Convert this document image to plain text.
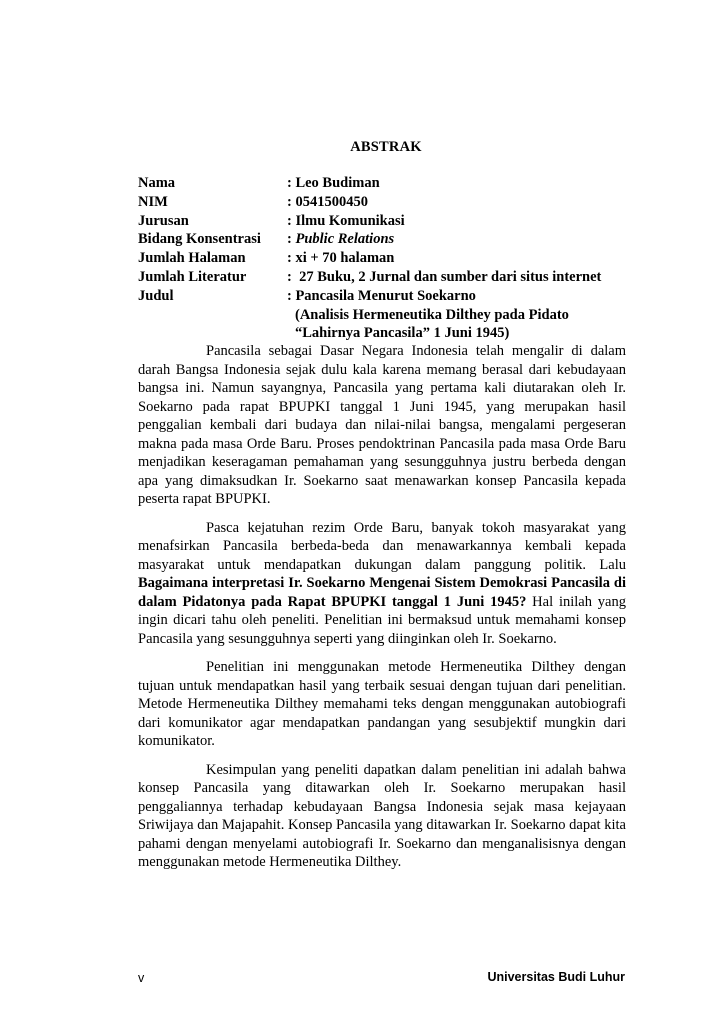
ABSTRAK
Nama	: Leo Budiman
NIM	: 0541500450
Jurusan	: Ilmu Komunikasi
Bidang Konsentrasi	: Public Relations
Jumlah Halaman	: xi + 70 halaman
Jumlah Literatur	:  27 Buku, 2 Jurnal dan sumber dari situs internet
Judul	: Pancasila Menurut Soekarno
(Analisis Hermeneutika Dilthey pada Pidato
“Lahirnya Pancasila” 1 Juni 1945)

Pancasila sebagai Dasar Negara Indonesia telah mengalir di dalam darah Bangsa Indonesia sejak dulu kala karena memang berasal dari kebudayaan bangsa ini. Namun sayangnya, Pancasila yang pertama kali diutarakan oleh Ir. Soekarno pada rapat BPUPKI tanggal 1 Juni 1945, yang merupakan hasil penggalian kembali dari budaya dan nilai-nilai bangsa, mengalami pergeseran makna pada masa Orde Baru. Proses pendoktrinan Pancasila pada masa Orde Baru menjadikan keseragaman pemahaman yang sesungguhnya justru berbeda dengan apa yang dimaksudkan Ir. Soekarno saat menawarkan konsep Pancasila kepada peserta rapat BPUPKI.

Pasca kejatuhan rezim Orde Baru, banyak tokoh masyarakat yang menafsirkan Pancasila berbeda-beda dan menawarkannya kembali kepada masyarakat untuk mendapatkan dukungan dalam panggung politik. Lalu Bagaimana interpretasi Ir. Soekarno Mengenai Sistem Demokrasi Pancasila di dalam Pidatonya pada Rapat BPUPKI tanggal 1 Juni 1945? Hal inilah yang ingin dicari tahu oleh peneliti. Penelitian ini bermaksud untuk memahami konsep Pancasila yang sesungguhnya seperti yang diinginkan oleh Ir. Soekarno.

Penelitian ini menggunakan metode Hermeneutika Dilthey dengan tujuan untuk mendapatkan hasil yang terbaik sesuai dengan tujuan dari penelitian. Metode Hermeneutika Dilthey memahami teks dengan menggunakan autobiografi dari komunikator agar mendapatkan pandangan yang sesubjektif mungkin dari komunikator.

Kesimpulan yang peneliti dapatkan dalam penelitian ini adalah bahwa konsep Pancasila yang ditawarkan oleh Ir. Soekarno merupakan hasil penggaliannya terhadap kebudayaan Bangsa Indonesia sejak masa kejayaan Sriwijaya dan Majapahit. Konsep Pancasila yang ditawarkan Ir. Soekarno dapat kita pahami dengan menyelami autobiografi Ir. Soekarno dan menganalisisnya dengan menggunakan metode Hermeneutika Dilthey.

v	Universitas Budi Luhur
